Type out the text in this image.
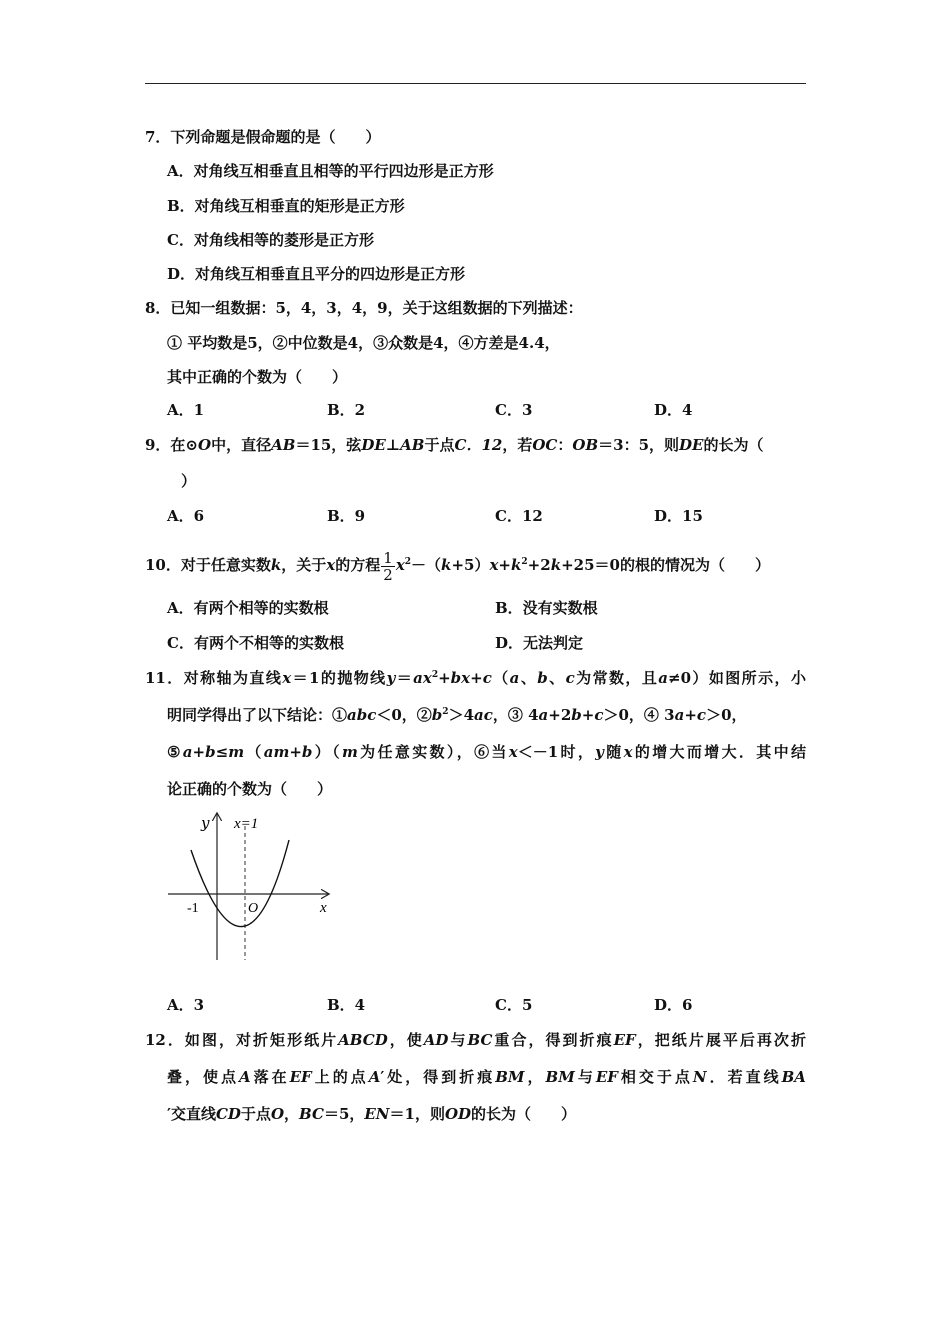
7．下列命题是假命题的是（　　）
A．对角线互相垂直且相等的平行四边形是正方形
B．对角线互相垂直的矩形是正方形
C．对角线相等的菱形是正方形
D．对角线互相垂直且平分的四边形是正方形
8．已知一组数据：5，4，3，4，9，关于这组数据的下列描述：
① 平均数是5，②中位数是4，③众数是4，④方差是4.4，
其中正确的个数为（　　）
A．1	B．2	C．3	D．4
9．在⊙O中，直径AB＝15，弦DE⊥AB于点C．12，若OC：OB＝3：5，则DE的长为（
）
A．6	B．9	C．12	D．15
10．对于任意实数k，关于x的方程 $\frac{1}{2} x^2-(k+5)x+k^2+2k+25=0$的根的情况为（　　）
A．有两个相等的实数根	B．没有实数根
C．有两个不相等的实数根	D．无法判定
11．对称轴为直线x＝1的抛物线$y=ax^2+bx+c(a$、b、c为常数，且a≠0）如图所示，小
明同学得出了以下结论：①abc＜0，$②b^2>4ac$，③ 4a+2b+c＞0，④ 3a+c＞0，
⑤a+b≤m（am+b）（m为任意实数），⑥当x＜－1时，y随x的增大而增大．其中结
论正确的个数为（　　）
y x=1
-1	O	x
A．3	B．4	C．5	D．6
12．如图，对折矩形纸片ABCD，使AD与BC重合，得到折痕EF，把纸片展平后再次折
叠，使点A落在EF上的点A′处，得到折痕BM，BM与EF相交于点N．若直线BA
′交直线CD于点O，BC＝5，EN＝1，则OD的长为（　　）
